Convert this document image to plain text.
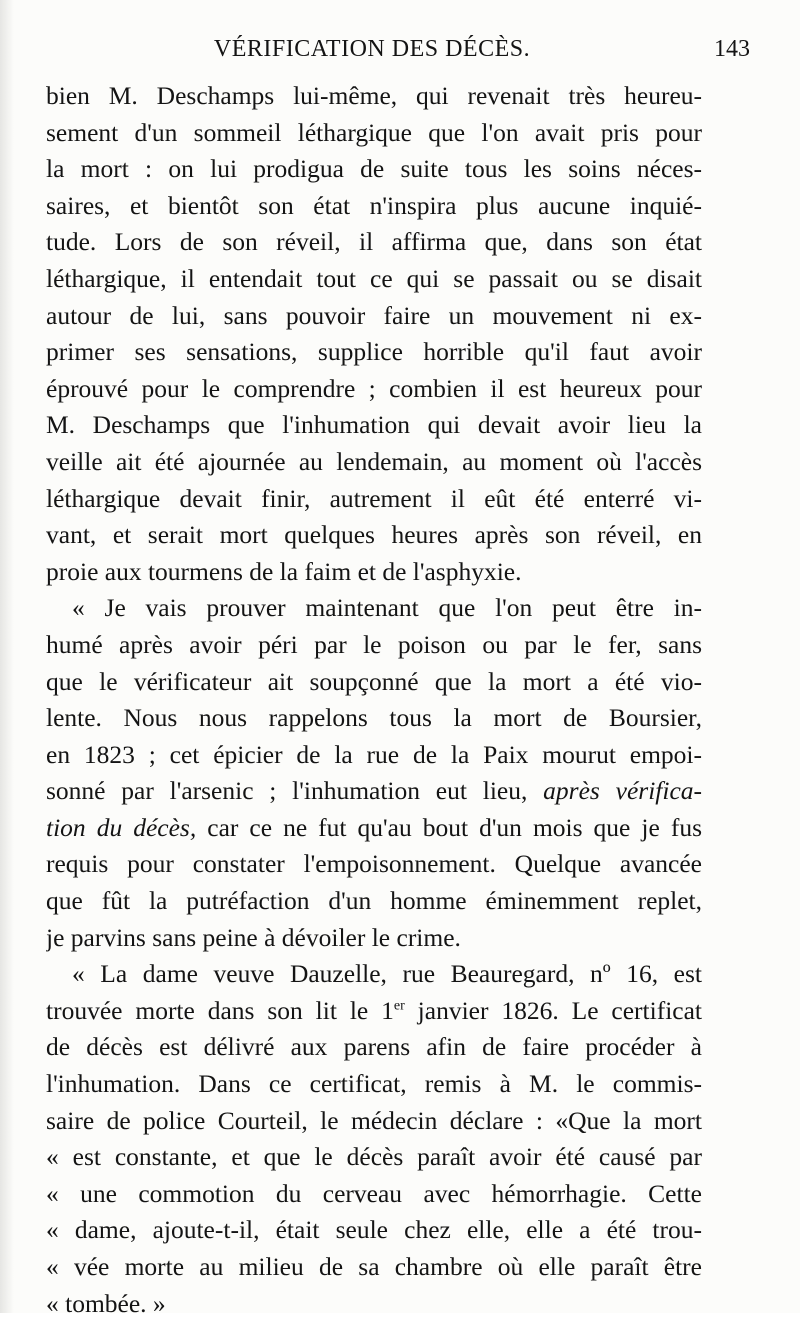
VÉRIFICATION DES DÉCÈS.	143
bien M. Deschamps lui-même, qui revenait très heureu-
sement d'un sommeil léthargique que l'on avait pris pour
la mort : on lui prodigua de suite tous les soins néces-
saires, et bientôt son état n'inspira plus aucune inquié-
tude. Lors de son réveil, il affirma que, dans son état
léthargique, il entendait tout ce qui se passait ou se disait
autour de lui, sans pouvoir faire un mouvement ni ex-
primer ses sensations, supplice horrible qu'il faut avoir
éprouvé pour le comprendre ; combien il est heureux pour
M. Deschamps que l'inhumation qui devait avoir lieu la
veille ait été ajournée au lendemain, au moment où l'accès
léthargique devait finir, autrement il eût été enterré vi-
vant, et serait mort quelques heures après son réveil, en
proie aux tourmens de la faim et de l'asphyxie.
« Je vais prouver maintenant que l'on peut être in-
humé après avoir péri par le poison ou par le fer, sans
que le vérificateur ait soupçonné que la mort a été vio-
lente. Nous nous rappelons tous la mort de Boursier,
en 1823 ; cet épicier de la rue de la Paix mourut empoi-
sonné par l'arsenic ; l'inhumation eut lieu, après vérifica-
tion du décès, car ce ne fut qu'au bout d'un mois que je fus
requis pour constater l'empoisonnement. Quelque avancée
que fût la putréfaction d'un homme éminemment replet,
je parvins sans peine à dévoiler le crime.
« La dame veuve Dauzelle, rue Beauregard, nº 16, est
trouvée morte dans son lit le 1er janvier 1826. Le certificat
de décès est délivré aux parens afin de faire procéder à
l'inhumation. Dans ce certificat, remis à M. le commis-
saire de police Courteil, le médecin déclare : «Que la mort
« est constante, et que le décès paraît avoir été causé par
« une commotion du cerveau avec hémorrhagie. Cette
« dame, ajoute-t-il, était seule chez elle, elle a été trou-
« vée morte au milieu de sa chambre où elle paraît être
« tombée. »
